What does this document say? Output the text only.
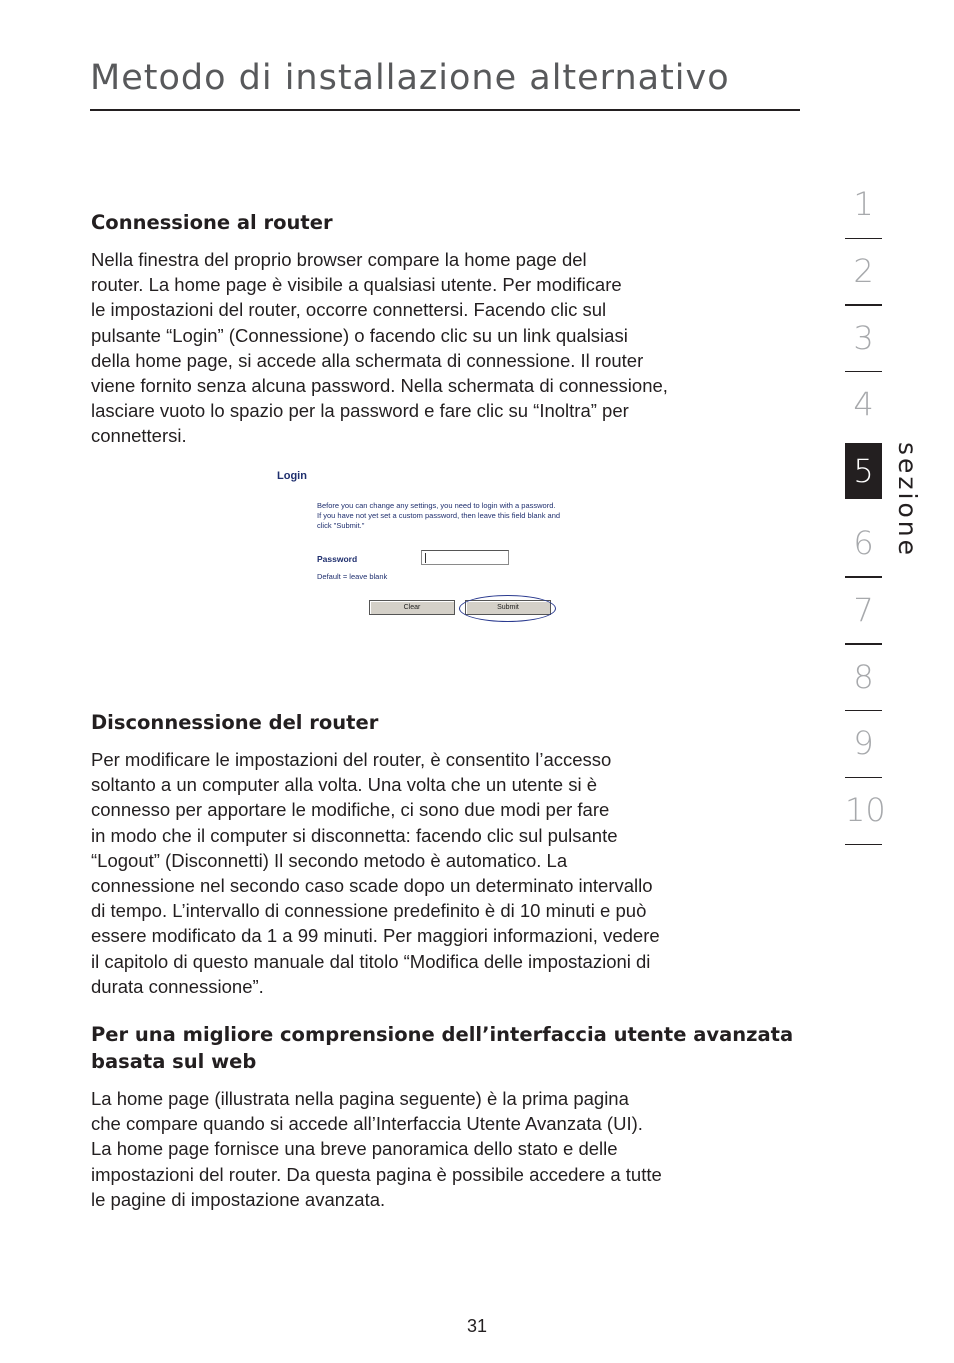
Metodo di installazione alternativo
Connessione al router
Nella finestra del proprio browser compare la home page del
router. La home page è visibile a qualsiasi utente. Per modificare
le impostazioni del router, occorre connettersi. Facendo clic sul
pulsante “Login” (Connessione) o facendo clic su un link qualsiasi
della home page, si accede alla schermata di connessione. Il router
viene fornito senza alcuna password. Nella schermata di connessione,
lasciare vuoto lo spazio per la password e fare clic su “Inoltra” per
connettersi.
Login
Before you can change any settings, you need to login with a password.
If you have not yet set a custom password, then leave this field blank and
click "Submit."
Password
Default = leave blank
Clear	Submit
Disconnessione del router
Per modificare le impostazioni del router, è consentito l’accesso
soltanto a un computer alla volta. Una volta che un utente si è
connesso per apportare le modifiche, ci sono due modi per fare
in modo che il computer si disconnetta: facendo clic sul pulsante
“Logout” (Disconnetti) Il secondo metodo è automatico. La
connessione nel secondo caso scade dopo un determinato intervallo
di tempo. L’intervallo di connessione predefinito è di 10 minuti e può
essere modificato da 1 a 99 minuti. Per maggiori informazioni, vedere
il capitolo di questo manuale dal titolo “Modifica delle impostazioni di
durata connessione”.
Per una migliore comprensione dell’interfaccia utente avanzata
basata sul web
La home page (illustrata nella pagina seguente) è la prima pagina
che compare quando si accede all’Interfaccia Utente Avanzata (UI).
La home page fornisce una breve panoramica dello stato e delle
impostazioni del router. Da questa pagina è possibile accedere a tutte
le pagine di impostazione avanzata.
1
2
3
4
5
6
7
8
9
10
sezione
31
